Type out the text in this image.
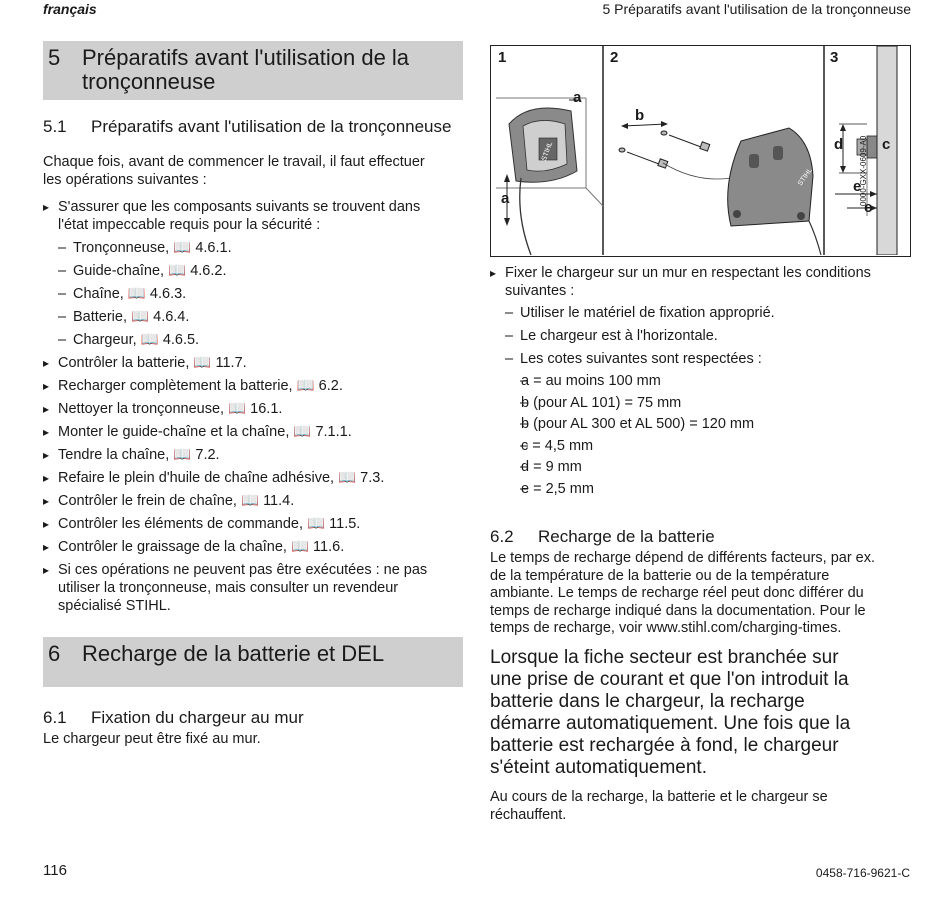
français	5 Préparatifs avant l'utilisation de la tronçonneuse
5 Préparatifs avant l'utilisation de la
tronçonneuse
5.1	Préparatifs avant l'utilisation de la tronçonneuse
Chaque fois, avant de commencer le travail, il faut effectuer
les opérations suivantes :
▸ S'assurer que les composants suivants se trouvent dans
l'état impeccable requis pour la sécurité :
– Tronçonneuse, 📖 4.6.1.
– Guide-chaîne, 📖 4.6.2.
– Chaîne, 📖 4.6.3.
– Batterie, 📖 4.6.4.
– Chargeur, 📖 4.6.5.
▸ Contrôler la batterie, 📖 11.7.
▸ Recharger complètement la batterie, 📖 6.2.
▸ Nettoyer la tronçonneuse, 📖 16.1.
▸ Monter le guide-chaîne et la chaîne, 📖 7.1.1.
▸ Tendre la chaîne, 📖 7.2.
▸ Refaire le plein d'huile de chaîne adhésive, 📖 7.3.
▸ Contrôler le frein de chaîne, 📖 11.4.
▸ Contrôler les éléments de commande, 📖 11.5.
▸ Contrôler le graissage de la chaîne, 📖 11.6.
▸ Si ces opérations ne peuvent pas être exécutées : ne pas
utiliser la tronçonneuse, mais consulter un revendeur
spécialisé STIHL.
6 Recharge de la batterie et DEL
6.1	Fixation du chargeur au mur
Le chargeur peut être fixé au mur.
STIHL
STIHL
1	2	3
a
a
b
c
d
e
e
0000-GXX-0609-A0
▸ Fixer le chargeur sur un mur en respectant les conditions
suivantes :
– Utiliser le matériel de fixation approprié.
– Le chargeur est à l'horizontale.
– Les cotes suivantes sont respectées :
– a = au moins 100 mm
– b (pour AL 101) = 75 mm
– b (pour AL 300 et AL 500) = 120 mm
– c = 4,5 mm
– d = 9 mm
– e = 2,5 mm
6.2	Recharge de la batterie
Le temps de recharge dépend de différents facteurs, par ex.
de la température de la batterie ou de la température
ambiante. Le temps de recharge réel peut donc différer du
temps de recharge indiqué dans la documentation. Pour le
temps de recharge, voir www.stihl.com/charging-times.
Lorsque la fiche secteur est branchée sur
une prise de courant et que l'on introduit la
batterie dans le chargeur, la recharge
démarre automatiquement. Une fois que la
batterie est rechargée à fond, le chargeur
s'éteint automatiquement.
Au cours de la recharge, la batterie et le chargeur se
réchauffent.
116	0458-716-9621-C
